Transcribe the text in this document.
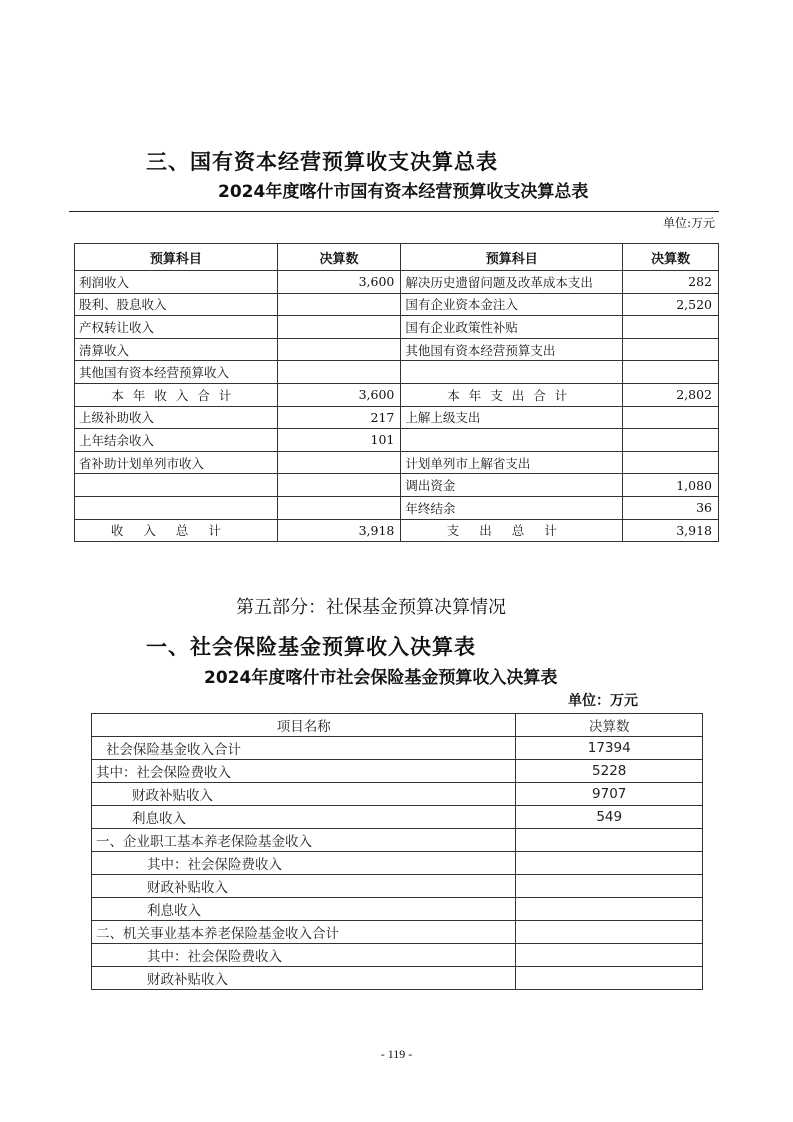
三、国有资本经营预算收支决算总表
2024年度喀什市国有资本经营预算收支决算总表
单位:万元
预算科目	决算数	预算科目	决算数
利润收入	3,600	解决历史遗留问题及改革成本支出	282
股利、股息收入		国有企业资本金注入	2,520
产权转让收入		国有企业政策性补贴	
清算收入		其他国有资本经营预算支出	
其他国有资本经营预算收入			
本年收入合计	3,600	本年支出合计	2,802
上级补助收入	217	上解上级支出	
上年结余收入	101		
省补助计划单列市收入		计划单列市上解省支出	
		调出资金	1,080
		年终结余	36
收入总计	3,918	支出总计	3,918
第五部分：社保基金预算决算情况
一、社会保险基金预算收入决算表
2024年度喀什市社会保险基金预算收入决算表
单位：万元
项目名称	决算数
社会保险基金收入合计	17394
其中：社会保险费收入	5228
财政补贴收入	9707
利息收入	549
一、企业职工基本养老保险基金收入	
其中：社会保险费收入	
财政补贴收入	
利息收入	
二、机关事业基本养老保险基金收入合计	
其中：社会保险费收入	
财政补贴收入	
- 119 -
